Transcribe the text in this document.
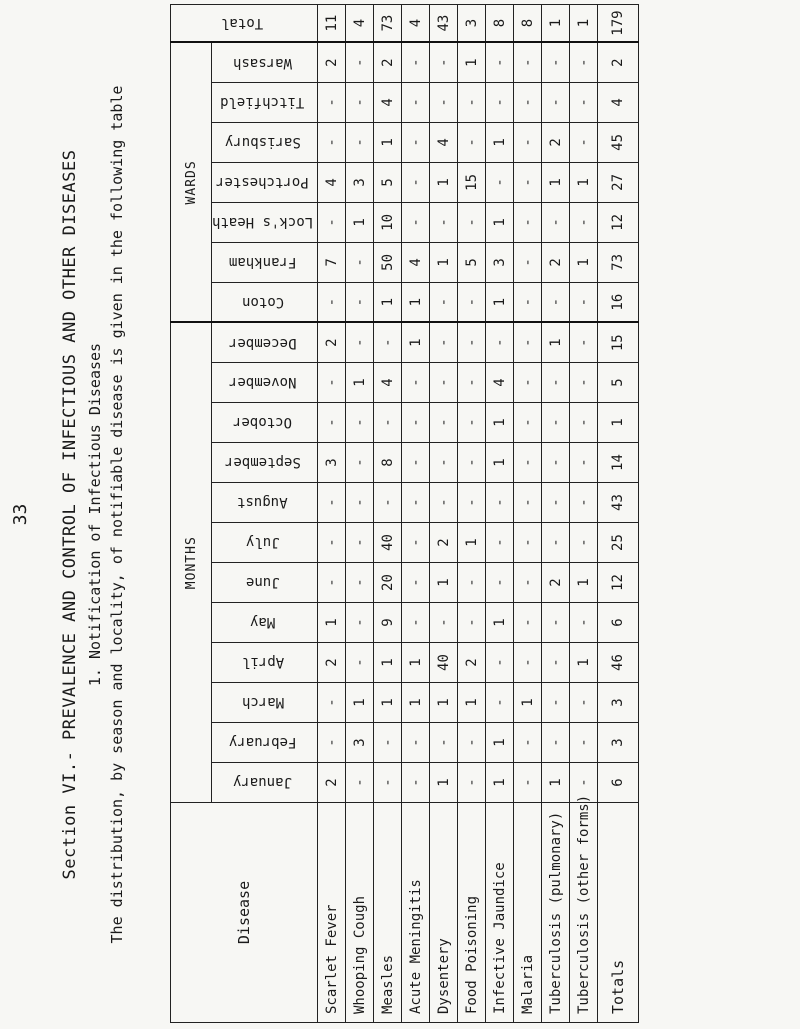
33 Section VI.- PREVALENCE AND CONTROL OF INFECTIOUS AND OTHER DISEASES 1. Notification of Infectious Diseases The distribution, by season and locality, of notifiable disease is given in the following table	Disease	MONTHS												WARDS							Total
	January	February	March	April	May	June	July	August	September	October	November	December	Coton	Frankham	Lock's Heath	Portchester	Sarisbury	Titchfield	Warsash	
Scarlet Fever	2	-	-	2	1	-	-	-	3	-	-	2	-	7	-	4	-	-	2	11
Whooping Cough	-	3	1	-	-	-	-	-	-	-	1	-	-	-	1	3	-	-	-	4
Measles	-	-	1	1	9	20	40	-	8	-	4	-	1	50	10	5	1	4	2	73
Acute Meningitis	-	-	1	1	-	-	-	-	-	-	-	1	1	4	-	-	-	-	-	4
Dysentery	1	-	1	40	-	1	2	-	-	-	-	-	-	1	-	1	4	-	-	43
Food Poisoning	-	-	1	2	-	-	1	-	-	-	-	-	-	5	-	15	-	-	1	3
Infective Jaundice	1	1	-	-	1	-	-	-	1	1	4	-	1	3	1	-	1	-	-	8
Malaria	-	-	1	-	-	-	-	-	-	-	-	-	-	-	-	-	-	-	-	8
Tuberculosis (pulmonary)	1	-	-	-	-	2	-	-	-	-	-	1	-	2	-	1	2	-	-	1
Tuberculosis (other forms)	-	-	-	1	-	1	-	-	-	-	-	-	-	1	-	1	-	-	-	1
Totals	6	3	3	46	6	12	25	43	14	1	5	15	16	73	12	27	45	4	2	179
